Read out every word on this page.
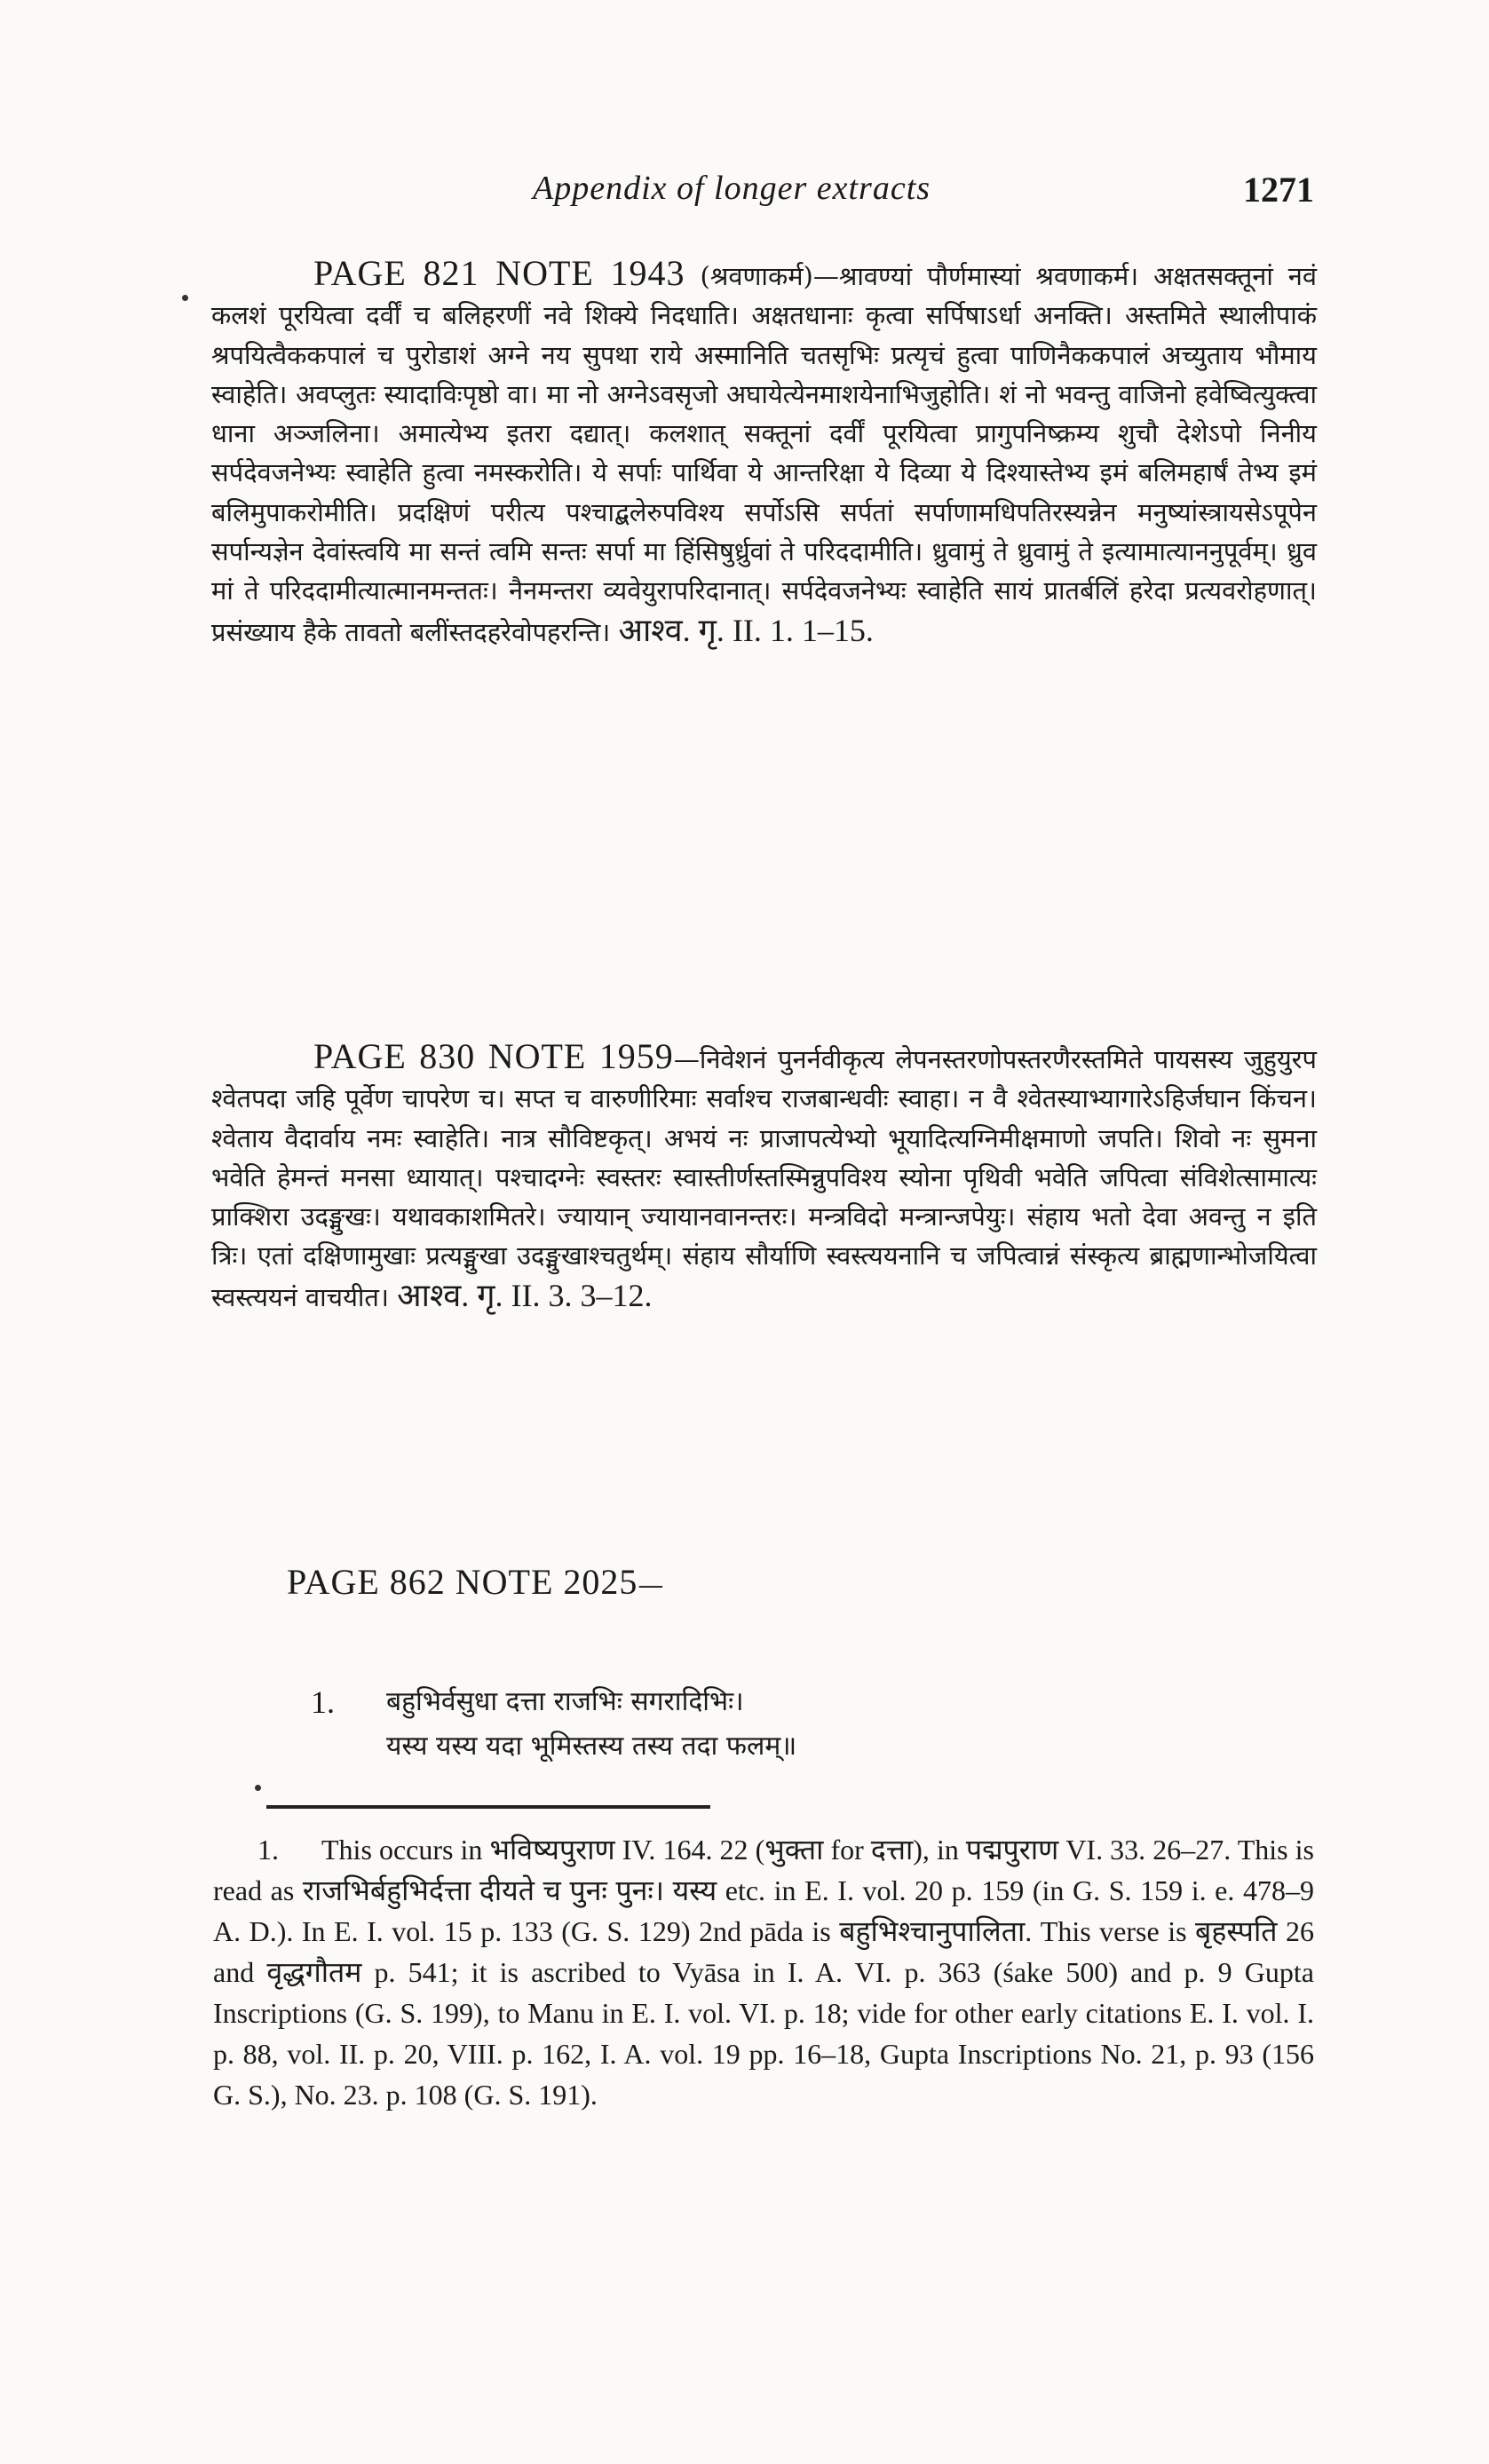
Appendix of longer extracts	1271
PAGE 821 NOTE 1943 (श्रवणाकर्म)—श्रावण्यां पौर्णमास्यां श्रवणाकर्म। अक्षतसक्तूनां नवं कलशं पूरयित्वा दर्वीं च बलिहरणीं नवे शिक्ये निदधाति। अक्षतधानाः कृत्वा सर्पिषाऽर्धा अनक्ति। अस्तमिते स्थालीपाकं श्रपयित्वैककपालं च पुरोडाशं अग्ने नय सुपथा राये अस्मानिति चतसृभिः प्रत्यृचं हुत्वा पाणिनैककपालं अच्युताय भौमाय स्वाहेति। अवप्लुतः स्यादाविःपृष्ठो वा। मा नो अग्नेऽवसृजो अघायेत्येनमाशयेनाभिजुहोति। शं नो भवन्तु वाजिनो हवेष्वित्युक्त्वा धाना अञ्जलिना। अमात्येभ्य इतरा दद्यात्। कलशात् सक्तूनां दर्वीं पूरयित्वा प्रागुपनिष्क्रम्य शुचौ देशेऽपो निनीय सर्पदेवजनेभ्यः स्वाहेति हुत्वा नमस्करोति। ये सर्पाः पार्थिवा ये आन्तरिक्षा ये दिव्या ये दिश्यास्तेभ्य इमं बलिमहार्षं तेभ्य इमं बलिमुपाकरोमीति। प्रदक्षिणं परीत्य पश्चाद्बलेरुपविश्य सर्पोऽसि सर्पतां सर्पाणामधिपतिरस्यन्नेन मनुष्यांस्त्रायसेऽपूपेन सर्पान्यज्ञेन देवांस्त्वयि मा सन्तं त्वमि सन्तः सर्पा मा हिंसिषुर्ध्रुवां ते परिददामीति। ध्रुवामुं ते ध्रुवामुं ते इत्यामात्याननुपूर्वम्। ध्रुव मां ते परिददामीत्यात्मानमन्ततः। नैनमन्तरा व्यवेयुरापरिदानात्। सर्पदेवजनेभ्यः स्वाहेति सायं प्रातर्बलिं हरेदा प्रत्यवरोहणात्। प्रसंख्याय हैके तावतो बलींस्तदहरेवोपहरन्ति। आश्व. गृ. II. 1. 1–15.
PAGE 830 NOTE 1959—निवेशनं पुनर्नवीकृत्य लेपनस्तरणोपस्तरणैरस्तमिते पायसस्य जुहुयुरप श्वेतपदा जहि पूर्वेण चापरेण च। सप्त च वारुणीरिमाः सर्वाश्च राजबान्धवीः स्वाहा। न वै श्वेतस्याभ्यागारेऽहिर्जघान किंचन। श्वेताय वैदार्वाय नमः स्वाहेति। नात्र सौविष्टकृत्। अभयं नः प्राजापत्येभ्यो भूयादित्यग्निमीक्षमाणो जपति। शिवो नः सुमना भवेति हेमन्तं मनसा ध्यायात्। पश्चादग्नेः स्वस्तरः स्वास्तीर्णस्तस्मिन्नुपविश्य स्योना पृथिवी भवेति जपित्वा संविशेत्सामात्यः प्राक्शिरा उदङ्मुखः। यथावकाशमितरे। ज्यायान् ज्यायानवानन्तरः। मन्त्रविदो मन्त्रान्जपेयुः। संहाय भतो देवा अवन्तु न इति त्रिः। एतां दक्षिणामुखाः प्रत्यङ्मुखा उदङ्मुखाश्चतुर्थम्। संहाय सौर्याणि स्वस्त्ययनानि च जपित्वान्नं संस्कृत्य ब्राह्मणान्भोजयित्वा स्वस्त्ययनं वाचयीत। आश्व. गृ. II. 3. 3–12.
PAGE 862 NOTE 2025—
1. बहुभिर्वसुधा दत्ता राजभिः सगरादिभिः।
यस्य यस्य यदा भूमिस्तस्य तस्य तदा फलम्॥
1. This occurs in भविष्यपुराण IV. 164. 22 (भुक्ता for दत्ता), in पद्मपुराण VI. 33. 26–27. This is read as राजभिर्बहुभिर्दत्ता दीयते च पुनः पुनः। यस्य etc. in E. I. vol. 20 p. 159 (in G. S. 159 i. e. 478–9 A. D.). In E. I. vol. 15 p. 133 (G. S. 129) 2nd pāda is बहुभिश्चानुपालिता. This verse is बृहस्पति 26 and वृद्धगौतम p. 541; it is ascribed to Vyāsa in I. A. VI. p. 363 (śake 500) and p. 9 Gupta Inscriptions (G. S. 199), to Manu in E. I. vol. VI. p. 18; vide for other early citations E. I. vol. I. p. 88, vol. II. p. 20, VIII. p. 162, I. A. vol. 19 pp. 16–18, Gupta Inscriptions No. 21, p. 93 (156 G. S.), No. 23. p. 108 (G. S. 191).
